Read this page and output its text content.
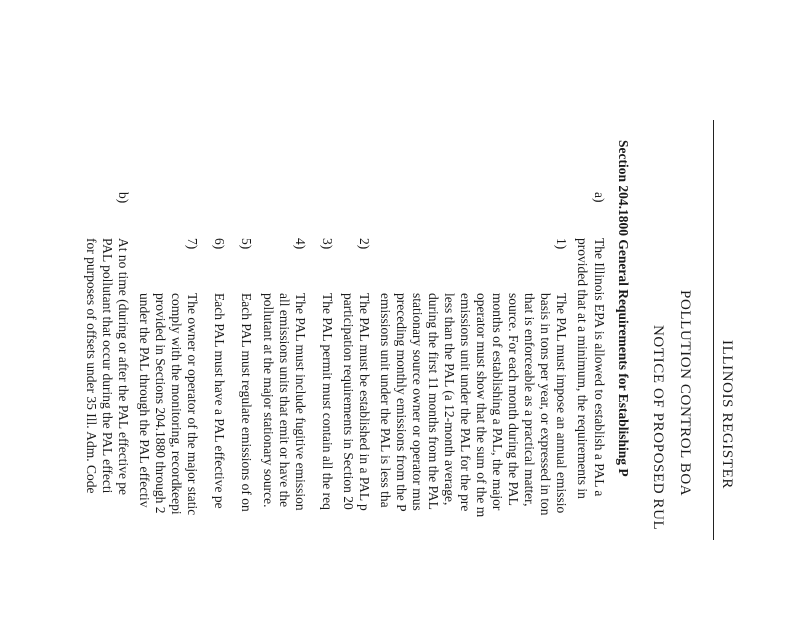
ILLINOIS REGISTER
POLLUTION CONTROL BOA
NOTICE OF PROPOSED RUL
Section 204.1800 General Requirements for Establishing P
a)
The Illinois EPA is allowed to establish a PAL a
provided that at a minimum, the requirements in
1)
The PAL must impose an annual emissio
basis in tons per year, or expressed in ton
that is enforceable as a practical matter,
source. For each month during the PAL
months of establishing a PAL, the major
operator must show that the sum of the m
emissions unit under the PAL for the pre
less than the PAL (a 12-month average,
during the first 11 months from the PAL
stationary source owner or operator mus
preceding monthly emissions from the P
emissions unit under the PAL is less tha
2)
The PAL must be established in a PAL p
participation requirements in Section 20
3)
The PAL permit must contain all the req
4)
The PAL must include fugitive emission
all emissions units that emit or have the
pollutant at the major stationary source.
5)
Each PAL must regulate emissions of on
6)
Each PAL must have a PAL effective pe
7)
The owner or operator of the major static
comply with the monitoring, recordkeepi
provided in Sections 204.1880 through 2
under the PAL through the PAL effectiv
b)
At no time (during or after the PAL effective pe
PAL pollutant that occur during the PAL effecti
for purposes of offsets under 35 Ill. Adm. Code
